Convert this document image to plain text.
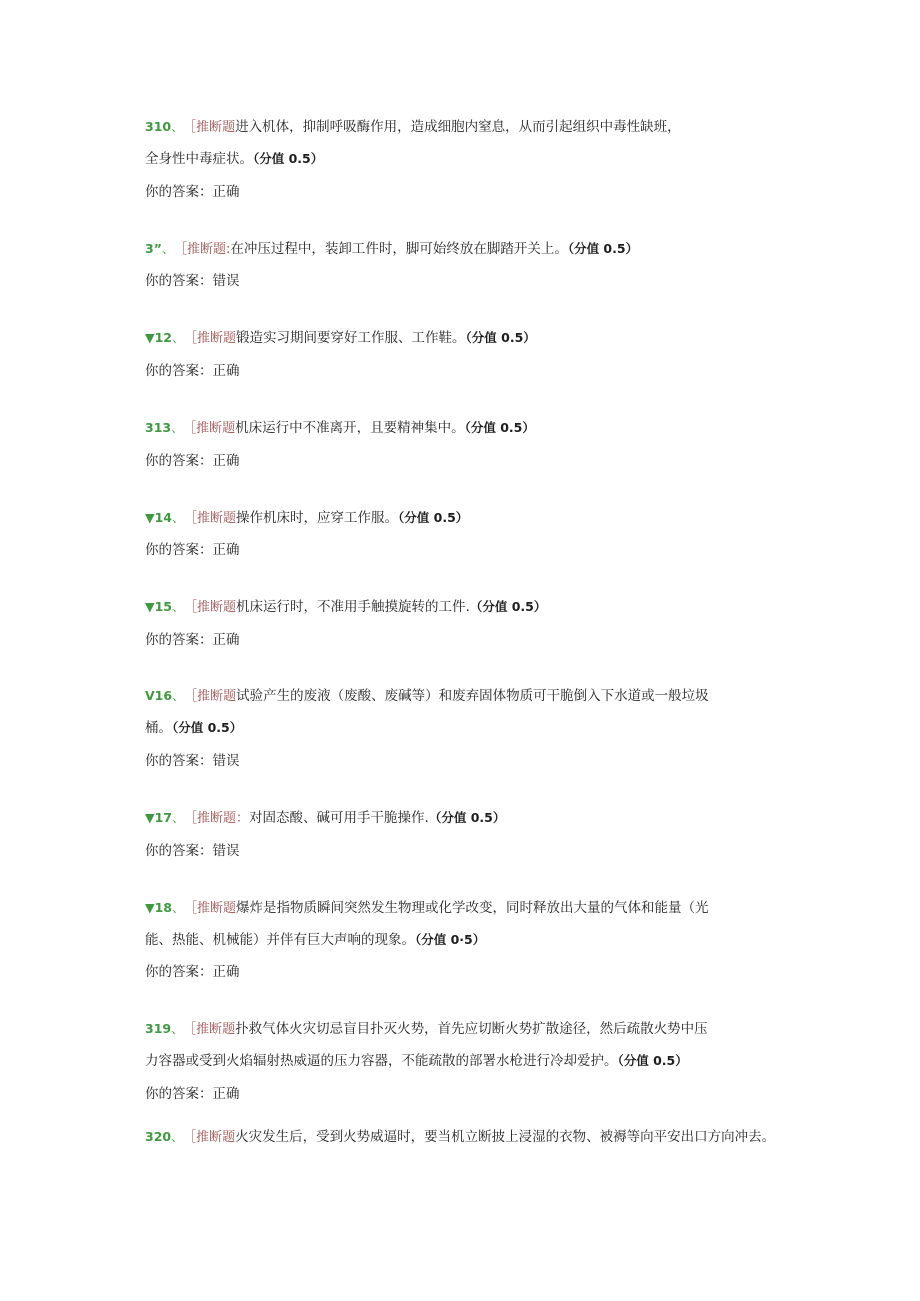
310、 ［推断题进入机体，抑制呼吸酶作用，造成细胞内窒息，从而引起组织中毒性缺班，
全身性中毒症状。（分值 0.5）
你的答案：正确
3”、 ［推断题:在冲压过程中，装卸工件时，脚可始终放在脚踏开关上。（分值 0.5）
你的答案：错误
▼12、 ［推断题锻造实习期间要穿好工作服、工作鞋。（分值 0.5）
你的答案：正确
313、 ［推断题机床运行中不准离开，且要精神集中。（分值 0.5）
你的答案：正确
▼14、 ［推断题操作机床时，应穿工作服。（分值 0.5）
你的答案：正确
▼15、 ［推断题机床运行时，不准用手触摸旋转的工件.（分值 0.5）
你的答案：正确
V16、 ［推断题试验产生的废液（废酸、废碱等）和废弃固体物质可干脆倒入下水道或一般垃圾
桶。（分值 0.5）
你的答案：错误
▼17、 ［推断题：对固态酸、碱可用手干脆操作.（分值 0.5）
你的答案：错误
▼18、 ［推断题爆炸是指物质瞬间突然发生物理或化学改变，同时释放出大量的气体和能量（光
能、热能、机械能）并伴有巨大声响的现象。（分值 0·5）
你的答案：正确
319、 ［推断题扑救气体火灾切忌盲目扑灭火势，首先应切断火势扩散途径，然后疏散火势中压
力容器或受到火焰辐射热威逼的压力容器，不能疏散的部署水枪进行冷却爱护。（分值 0.5）
你的答案：正确
320、 ［推断题火灾发生后，受到火势威逼时，要当机立断披上浸湿的衣物、被褥等向平安出口方向冲去。
